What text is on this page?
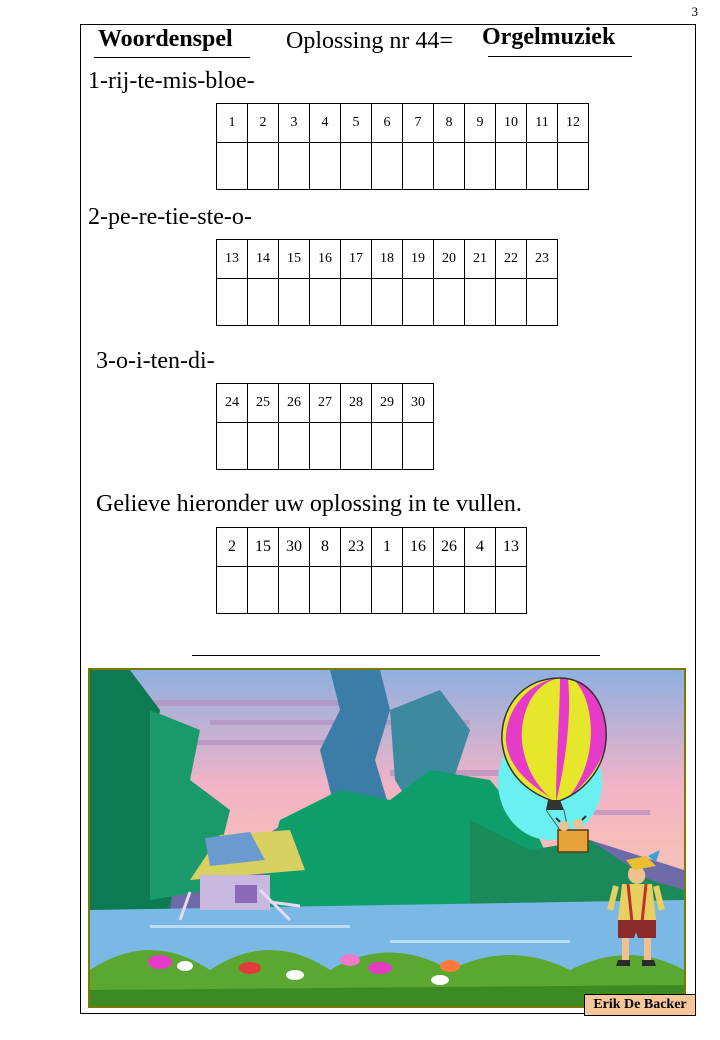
3
Woordenspel Oplossing nr 44= Orgelmuziek
1-rij-te-mis-bloe-
1	2	3	4	5	6	7	8	9	10	11	12

2-pe-re-tie-ste-o-
13	14	15	16	17	18	19	20	21	22	23

3-o-i-ten-di-
24	25	26	27	28	29	30

Gelieve hieronder uw oplossing in te vullen.
2	15	30	8	23	1	16	26	4	13

Erik De Backer
